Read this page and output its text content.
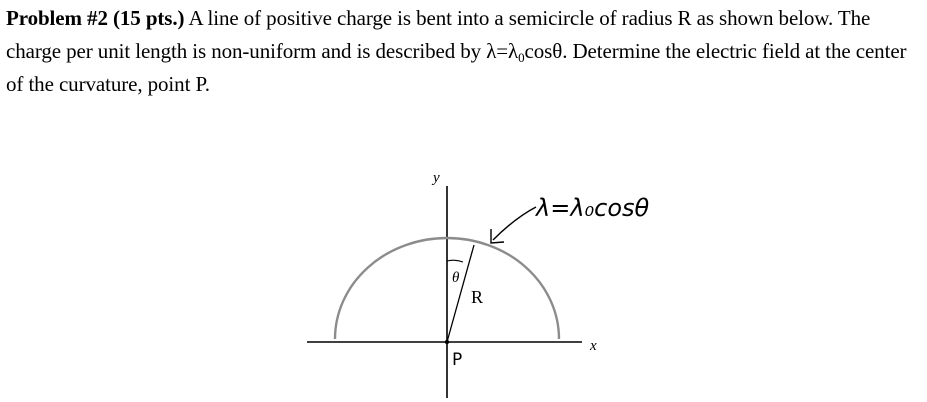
Problem #2 (15 pts.) A line of positive charge is bent into a semicircle of radius R as shown below. The charge per unit length is non-uniform and is described by $\lambda=\lambda_0\cos\theta$. Determine the electric field at the center of the curvature, point P.
y
x
θ
R
P
λ=λ₀cosθ
